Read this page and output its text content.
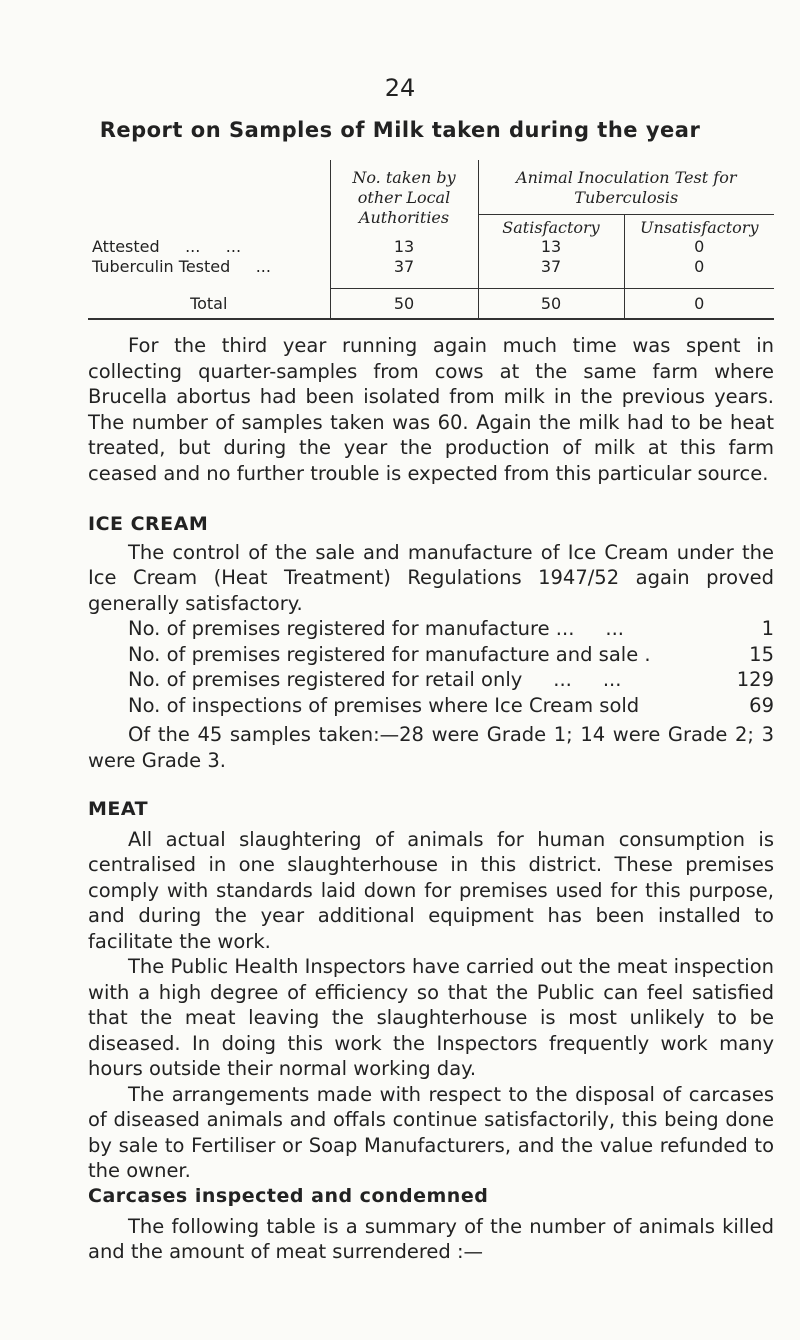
24
Report on Samples of Milk taken during the year
	No. taken by other Local Authorities	Animal Inoculation Test for Tuberculosis	
		Satisfactory	Unsatisfactory
Attested     ...     ...	13	13	0
Tuberculin Tested     ...	37	37	0

Total	50	50	0

For the third year running again much time was spent in collecting quarter-samples from cows at the same farm where Brucella abortus had been isolated from milk in the previous years. The number of samples taken was 60. Again the milk had to be heat treated, but during the year the production of milk at this farm ceased and no further trouble is expected from this particular source.

ICE CREAM

The control of the sale and manufacture of Ice Cream under the Ice Cream (Heat Treatment) Regulations 1947/52 again proved generally satisfactory.

No. of premises registered for manufacture ...     ...	1
No. of premises registered for manufacture and sale .	15
No. of premises registered for retail only     ...     ...	129
No. of inspections of premises where Ice Cream sold	69

Of the 45 samples taken:—28 were Grade 1; 14 were Grade 2; 3 were Grade 3.

MEAT

All actual slaughtering of animals for human consumption is centralised in one slaughterhouse in this district. These premises comply with standards laid down for premises used for this purpose, and during the year additional equipment has been installed to facilitate the work.

The Public Health Inspectors have carried out the meat inspection with a high degree of efficiency so that the Public can feel satisfied that the meat leaving the slaughterhouse is most unlikely to be diseased. In doing this work the Inspectors frequently work many hours outside their normal working day.

The arrangements made with respect to the disposal of carcases of diseased animals and offals continue satisfactorily, this being done by sale to Fertiliser or Soap Manufacturers, and the value refunded to the owner.

Carcases inspected and condemned

The following table is a summary of the number of animals killed and the amount of meat surrendered :—
